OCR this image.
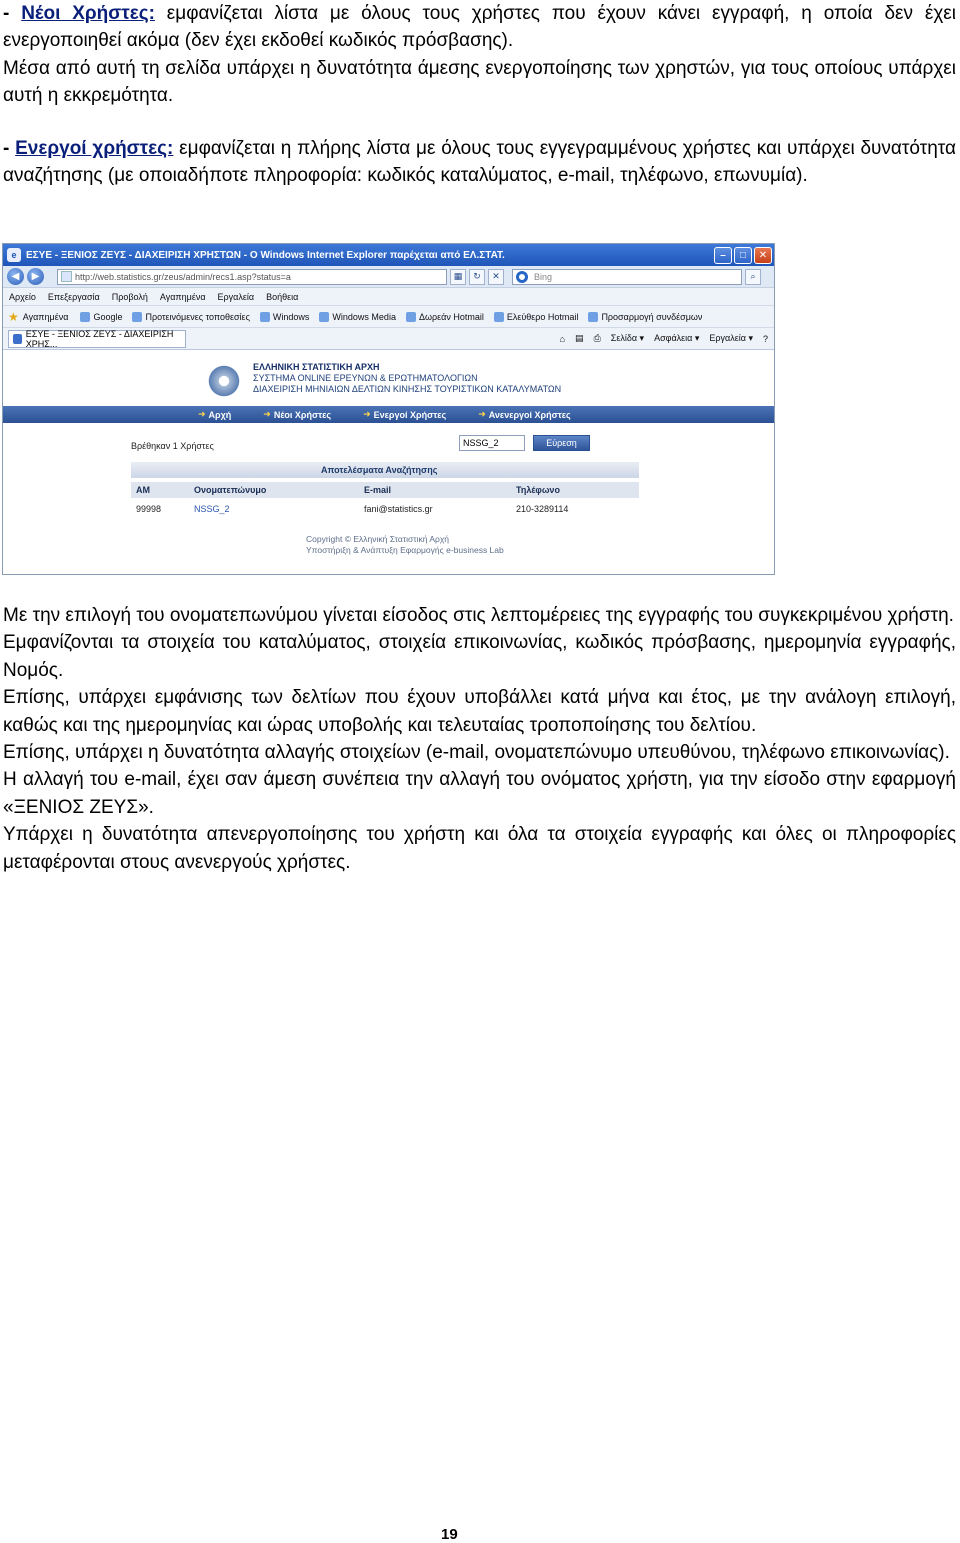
- Νέοι Χρήστες: εμφανίζεται λίστα με όλους τους χρήστες που έχουν κάνει εγγραφή, η οποία δεν έχει ενεργοποιηθεί ακόμα (δεν έχει εκδοθεί κωδικός πρόσβασης).

Μέσα από αυτή τη σελίδα υπάρχει η δυνατότητα άμεσης ενεργοποίησης των χρηστών, για τους οποίους υπάρχει αυτή η εκκρεμότητα.

- Ενεργοί χρήστες: εμφανίζεται η πλήρης λίστα με όλους τους εγγεγραμμένους χρήστες και υπάρχει δυνατότητα αναζήτησης (με οποιαδήποτε πληροφορία: κωδικός καταλύματος, e-mail, τηλέφωνο, επωνυμία).

e ΕΣΥΕ - ΞΕΝΙΟΣ ΖΕΥΣ - ΔΙΑΧΕΙΡΙΣΗ ΧΡΗΣΤΩΝ - Ο Windows Internet Explorer παρέχεται από ΕΛ.ΣΤΑΤ.	–	□	✕
◀	▶	http://web.statistics.gr/zeus/admin/recs1.asp?status=a	▦	↻	✕	Bing	⌕
Αρχείο Επεξεργασία Προβολή Αγαπημένα Εργαλεία Βοήθεια
★ Αγαπημένα	Google	Προτεινόμενες τοποθεσίες	Windows	Windows Media	Δωρεάν Hotmail	Ελεύθερο Hotmail	Προσαρμογή συνδέσμων
ΕΣΥΕ - ΞΕΝΙΟΣ ΖΕΥΣ - ΔΙΑΧΕΙΡΙΣΗ ΧΡΗΣ...	⌂ ▤ ⎙ Σελίδα ▾ Ασφάλεια ▾ Εργαλεία ▾ ?
ΕΛΛΗΝΙΚΗ ΣΤΑΤΙΣΤΙΚΗ ΑΡΧΗ
ΣΥΣΤΗΜΑ ONLINE ΕΡΕΥΝΩΝ & ΕΡΩΤΗΜΑΤΟΛΟΓΙΩΝ
ΔΙΑΧΕΙΡΙΣΗ ΜΗΝΙΑΙΩΝ ΔΕΛΤΙΩΝ ΚΙΝΗΣΗΣ ΤΟΥΡΙΣΤΙΚΩΝ ΚΑΤΑΛΥΜΑΤΩΝ
➜ Αρχή	➜ Νέοι Χρήστες	➜ Ενεργοί Χρήστες	➜ Ανενεργοί Χρήστες
Βρέθηκαν 1 Χρήστες	NSSG_2	Εύρεση
Αποτελέσματα Αναζήτησης
ΑΜ	Ονοματεπώνυμο	E-mail	Τηλέφωνο
99998	NSSG_2	fani@statistics.gr	210-3289114
Copyright © Ελληνική Στατιστική Αρχή
Υποστήριξη & Ανάπτυξη Εφαρμογής e-business Lab

Με την επιλογή του ονοματεπωνύμου γίνεται είσοδος στις λεπτομέρειες της εγγραφής του συγκεκριμένου χρήστη.

Εμφανίζονται τα στοιχεία του καταλύματος, στοιχεία επικοινωνίας, κωδικός πρόσβασης, ημερομηνία εγγραφής, Νομός.

Επίσης, υπάρχει εμφάνισης των δελτίων που έχουν υποβάλλει κατά μήνα και έτος, με την ανάλογη επιλογή, καθώς και της ημερομηνίας και ώρας υποβολής και τελευταίας τροποποίησης του δελτίου.

Επίσης, υπάρχει η δυνατότητα αλλαγής στοιχείων (e-mail, ονοματεπώνυμο υπευθύνου, τηλέφωνο επικοινωνίας).

Η αλλαγή του e-mail, έχει σαν άμεση συνέπεια την αλλαγή του ονόματος χρήστη, για την είσοδο στην εφαρμογή «ΞΕΝΙΟΣ ΖΕΥΣ».

Υπάρχει η δυνατότητα απενεργοποίησης του χρήστη και όλα τα στοιχεία εγγραφής και όλες οι πληροφορίες μεταφέρονται στους ανενεργούς χρήστες.

19
